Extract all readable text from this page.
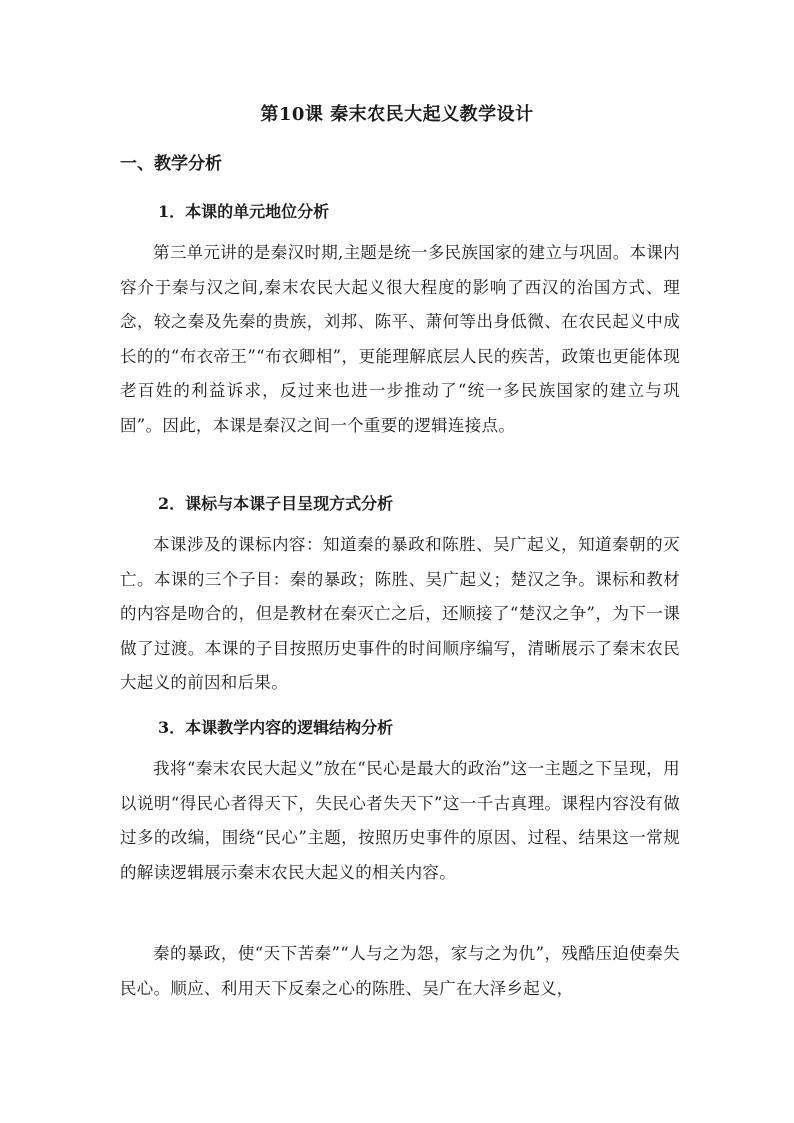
第10课 秦末农民大起义教学设计
一、教学分析
1．本课的单元地位分析

第三单元讲的是秦汉时期,主题是统一多民族国家的建立与巩固。本课内容介于秦与汉之间,秦末农民大起义很大程度的影响了西汉的治国方式、理念，较之秦及先秦的贵族，刘邦、陈平、萧何等出身低微、在农民起义中成长的的“布衣帝王”“布衣卿相”，更能理解底层人民的疾苦，政策也更能体现老百姓的利益诉求，反过来也进一步推动了“统一多民族国家的建立与巩固”。因此，本课是秦汉之间一个重要的逻辑连接点。

2．课标与本课子目呈现方式分析

本课涉及的课标内容：知道秦的暴政和陈胜、吴广起义，知道秦朝的灭亡。本课的三个子目：秦的暴政；陈胜、吴广起义；楚汉之争。课标和教材的内容是吻合的，但是教材在秦灭亡之后，还顺接了“楚汉之争”，为下一课做了过渡。本课的子目按照历史事件的时间顺序编写，清晰展示了秦末农民大起义的前因和后果。

3．本课教学内容的逻辑结构分析

我将“秦末农民大起义”放在“民心是最大的政治”这一主题之下呈现，用以说明“得民心者得天下，失民心者失天下”这一千古真理。课程内容没有做过多的改编，围绕“民心”主题，按照历史事件的原因、过程、结果这一常规的解读逻辑展示秦末农民大起义的相关内容。

秦的暴政，使“天下苦秦”“人与之为怨，家与之为仇”，残酷压迫使秦失民心。顺应、利用天下反秦之心的陈胜、吴广在大泽乡起义，
